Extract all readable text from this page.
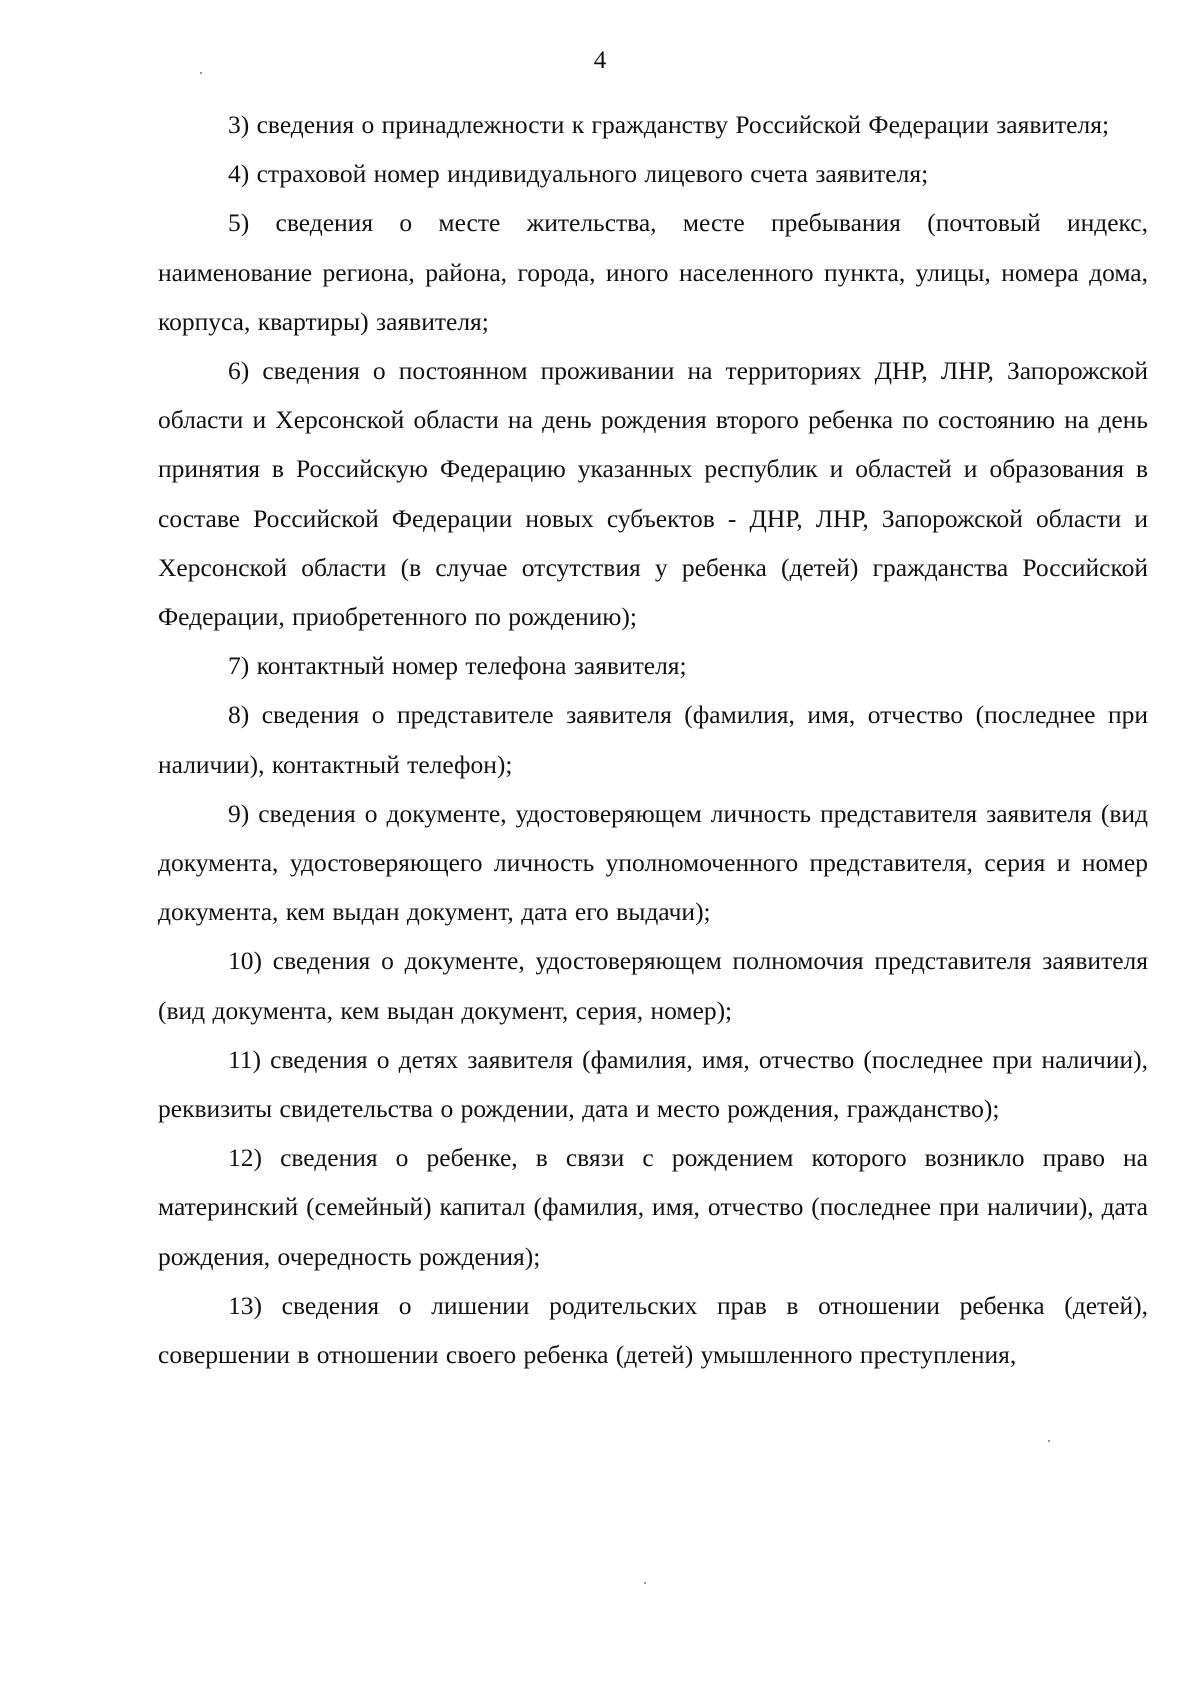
4

3) сведения о принадлежности к гражданству Российской Федерации заявителя;

4) страховой номер индивидуального лицевого счета заявителя;

5) сведения о месте жительства, месте пребывания (почтовый индекс, наименование региона, района, города, иного населенного пункта, улицы, номера дома, корпуса, квартиры) заявителя;

6) сведения о постоянном проживании на территориях ДНР, ЛНР, Запорожской области и Херсонской области на день рождения второго ребенка по состоянию на день принятия в Российскую Федерацию указанных республик и областей и образования в составе Российской Федерации новых субъектов - ДНР, ЛНР, Запорожской области и Херсонской области (в случае отсутствия у ребенка (детей) гражданства Российской Федерации, приобретенного по рождению);

7) контактный номер телефона заявителя;

8) сведения о представителе заявителя (фамилия, имя, отчество (последнее при наличии), контактный телефон);

9) сведения о документе, удостоверяющем личность представителя заявителя (вид документа, удостоверяющего личность уполномоченного представителя, серия и номер документа, кем выдан документ, дата его выдачи);

10) сведения о документе, удостоверяющем полномочия представителя заявителя (вид документа, кем выдан документ, серия, номер);

11) сведения о детях заявителя (фамилия, имя, отчество (последнее при наличии), реквизиты свидетельства о рождении, дата и место рождения, гражданство);

12) сведения о ребенке, в связи с рождением которого возникло право на материнский (семейный) капитал (фамилия, имя, отчество (последнее при наличии), дата рождения, очередность рождения);

13) сведения о лишении родительских прав в отношении ребенка (детей), совершении в отношении своего ребенка (детей) умышленного преступления,
